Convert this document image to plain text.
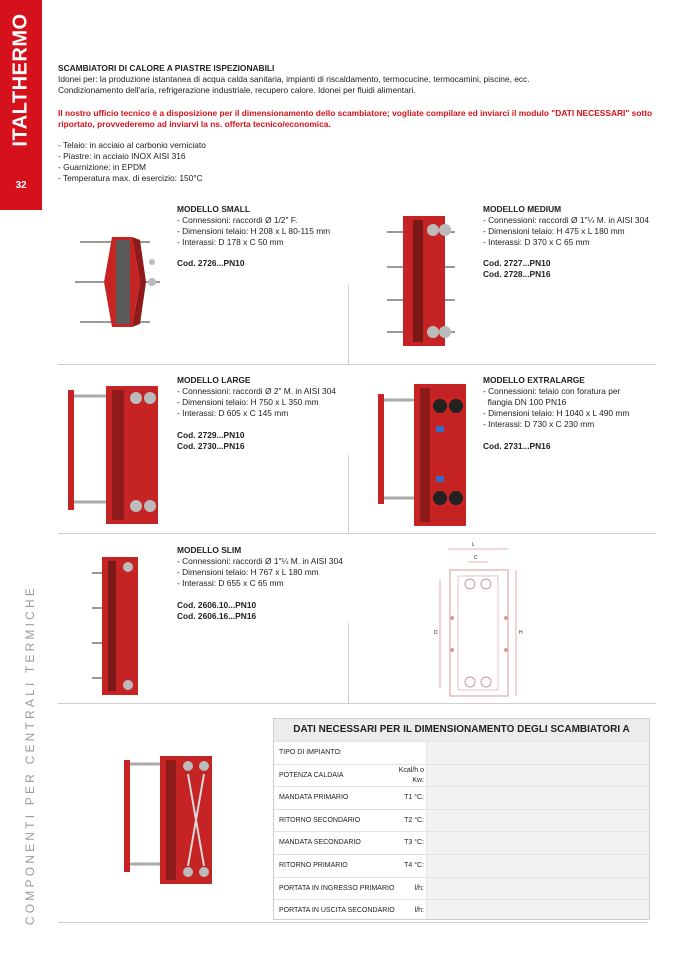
ITALTHERMO
32
COMPONENTI PER CENTRALI TERMICHE
SCAMBIATORI DI CALORE A PIASTRE ISPEZIONABILI
Idonei per: la produzione istantanea di acqua calda sanitaria, impianti di riscaldamento, termocucine, termocamini, piscine, ecc.
Condizionamento dell'aria, refrigerazione industriale, recupero calore. Idonei per fluidi alimentari.
Il nostro ufficio tecnico è a disposizione per il dimensionamento dello scambiatore; vogliate compilare ed inviarci il modulo "DATI NECESSARI" sotto
riportato, provvederemo ad inviarvi la ns. offerta tecnico/economica.
- Telaio: in acciaio al carbonio verniciato
- Piastre: in acciaio INOX AISI 316
- Guarnizione: in EPDM
- Temperatura max. di esercizio: 150°C
MODELLO SMALL
- Connessioni: raccordi Ø 1/2" F.
- Dimensioni telaio: H 208 x L 80-115 mm
- Interassi: D 178 x C 50 mm
Cod. 2726...PN10
MODELLO MEDIUM
- Connessioni: raccordi Ø 1"¼ M. in AISI 304
- Dimensioni telaio: H 475 x L 180 mm
- Interassi: D 370 x C 65 mm
Cod. 2727...PN10
Cod. 2728...PN16
MODELLO LARGE
- Connessioni: raccordi Ø 2" M. in AISI 304
- Dimensioni telaio: H 750 x L 350 mm
- Interassi: D 605 x C 145 mm
Cod. 2729...PN10
Cod. 2730...PN16
MODELLO EXTRALARGE
- Connessioni: telaio con foratura per
flangia DN 100 PN16
- Dimensioni telaio: H 1040 x L 490 mm
- Interassi: D 730 x C 230 mm
Cod. 2731...PN16
MODELLO SLIM
- Connessioni: raccordi Ø 1"¼ M. in AISI 304
- Dimensioni telaio: H 767 x L 180 mm
- Interassi: D 655 x C 65 mm
Cod. 2606.10...PN10
Cod. 2606.16...PN16
L
C
D	H
DATI NECESSARI PER IL DIMENSIONAMENTO DEGLI SCAMBIATORI A
TIPO DI IMPIANTO:
POTENZA CALDAIA
Kcal/h o
Kw:
MANDATA PRIMARIO	T1 °C:
RITORNO SECONDARIO	T2 °C:
MANDATA SECONDARIO	T3 °C:
RITORNO PRIMARIO	T4 °C:
PORTATA IN INGRESSO PRIMARIO	l/h:
PORTATA IN USCITA SECONDARIO	l/h:
